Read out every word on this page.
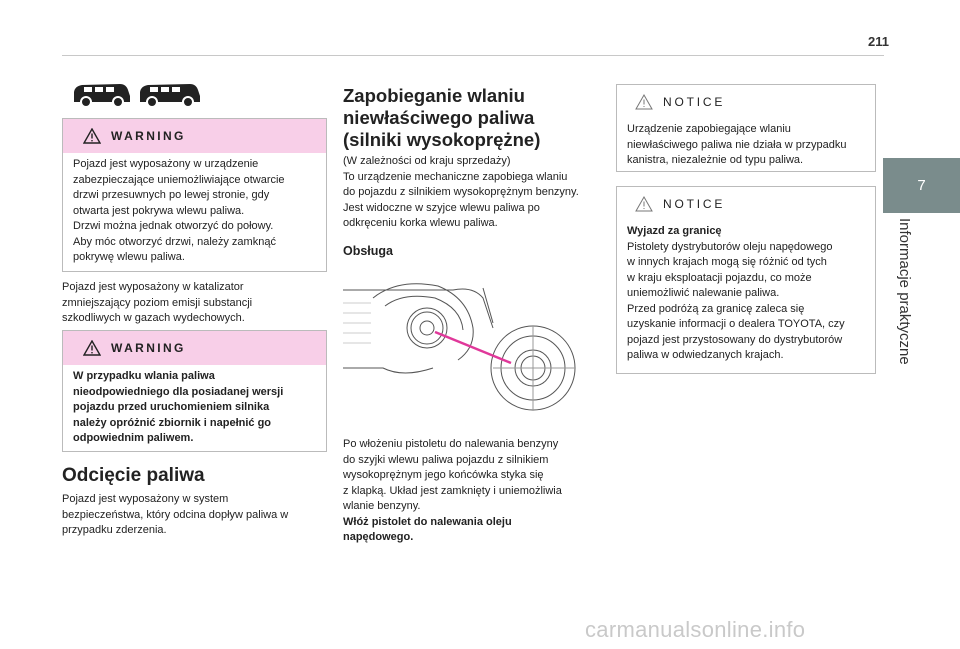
211
7
Informacje praktyczne
WARNING

Pojazd jest wyposażony w urządzenie

zabezpieczające uniemożliwiające otwarcie

drzwi przesuwnych po lewej stronie, gdy

otwarta jest pokrywa wlewu paliwa.

Drzwi można jednak otworzyć do połowy.

Aby móc otworzyć drzwi, należy zamknąć

pokrywę wlewu paliwa.

Pojazd jest wyposażony w katalizator

zmniejszający poziom emisji substancji

szkodliwych w gazach wydechowych.

WARNING

W przypadku wlania paliwa

nieodpowiedniego dla posiadanej wersji

pojazdu przed uruchomieniem silnika

należy opróżnić zbiornik i napełnić go

odpowiednim paliwem.

Odcięcie paliwa

Pojazd jest wyposażony w system

bezpieczeństwa, który odcina dopływ paliwa w

przypadku zderzenia.

Zapobieganie wlaniu
niewłaściwego paliwa
(silniki wysokoprężne)

(W zależności od kraju sprzedaży)

To urządzenie mechaniczne zapobiega wlaniu

do pojazdu z silnikiem wysokoprężnym benzyny.

Jest widoczne w szyjce wlewu paliwa po

odkręceniu korka wlewu paliwa.

Obsługa

Po włożeniu pistoletu do nalewania benzyny

do szyjki wlewu paliwa pojazdu z silnikiem

wysokoprężnym jego końcówka styka się

z klapką. Układ jest zamknięty i uniemożliwia

wlanie benzyny.

Włóż pistolet do nalewania oleju

napędowego.

NOTICE

Urządzenie zapobiegające wlaniu

niewłaściwego paliwa nie działa w przypadku

kanistra, niezależnie od typu paliwa.

NOTICE

Wyjazd za granicę

Pistolety dystrybutorów oleju napędowego

w innych krajach mogą się różnić od tych

w kraju eksploatacji pojazdu, co może

uniemożliwić nalewanie paliwa.

Przed podróżą za granicę zaleca się

uzyskanie informacji o dealera TOYOTA, czy

pojazd jest przystosowany do dystrybutorów

paliwa w odwiedzanych krajach.

carmanualsonline.info
